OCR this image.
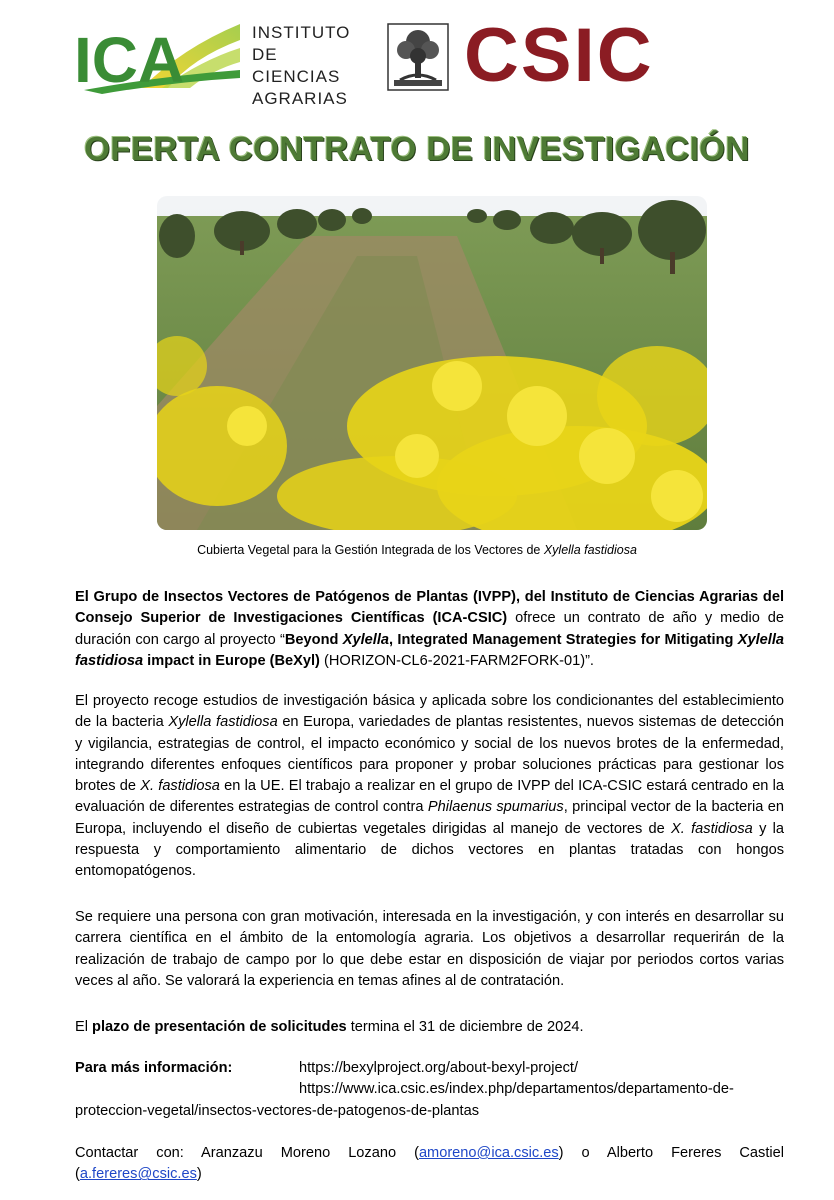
ICA	INSTITUTO DE
CIENCIAS
AGRARIAS
CSIC
OFERTA CONTRATO DE INVESTIGACIÓN
Cubierta Vegetal para la Gestión Integrada de los Vectores de Xylella fastidiosa
El Grupo de Insectos Vectores de Patógenos de Plantas (IVPP), del Instituto de Ciencias Agrarias del Consejo Superior de Investigaciones Científicas (ICA-CSIC) ofrece un contrato de año y medio de duración con cargo al proyecto “Beyond Xylella, Integrated Management Strategies for Mitigating Xylella fastidiosa impact in Europe (BeXyl) (HORIZON-CL6-2021-FARM2FORK-01)”.
El proyecto recoge estudios de investigación básica y aplicada sobre los condicionantes del establecimiento de la bacteria Xylella fastidiosa en Europa, variedades de plantas resistentes, nuevos sistemas de detección y vigilancia, estrategias de control, el impacto económico y social de los nuevos brotes de la enfermedad, integrando diferentes enfoques científicos para proponer y probar soluciones prácticas para gestionar los brotes de X. fastidiosa en la UE. El trabajo a realizar en el grupo de IVPP del ICA-CSIC estará centrado en la evaluación de diferentes estrategias de control contra Philaenus spumarius, principal vector de la bacteria en Europa, incluyendo el diseño de cubiertas vegetales dirigidas al manejo de vectores de X. fastidiosa y la respuesta y comportamiento alimentario de dichos vectores en plantas tratadas con hongos entomopatógenos.
Se requiere una persona con gran motivación, interesada en la investigación, y con interés en desarrollar su carrera científica en el ámbito de la entomología agraria. Los objetivos a desarrollar requerirán de la realización de trabajo de campo por lo que debe estar en disposición de viajar por periodos cortos varias veces al año. Se valorará la experiencia en temas afines al de contratación.
El plazo de presentación de solicitudes termina el 31 de diciembre de 2024.
Para más información:	https://bexylproject.org/about-bexyl-project/
https://www.ica.csic.es/index.php/departamentos/departamento-de-
proteccion-vegetal/insectos-vectores-de-patogenos-de-plantas
Contactar con: Aranzazu Moreno Lozano (amoreno@ica.csic.es) o Alberto Fereres Castiel (a.fereres@csic.es)
